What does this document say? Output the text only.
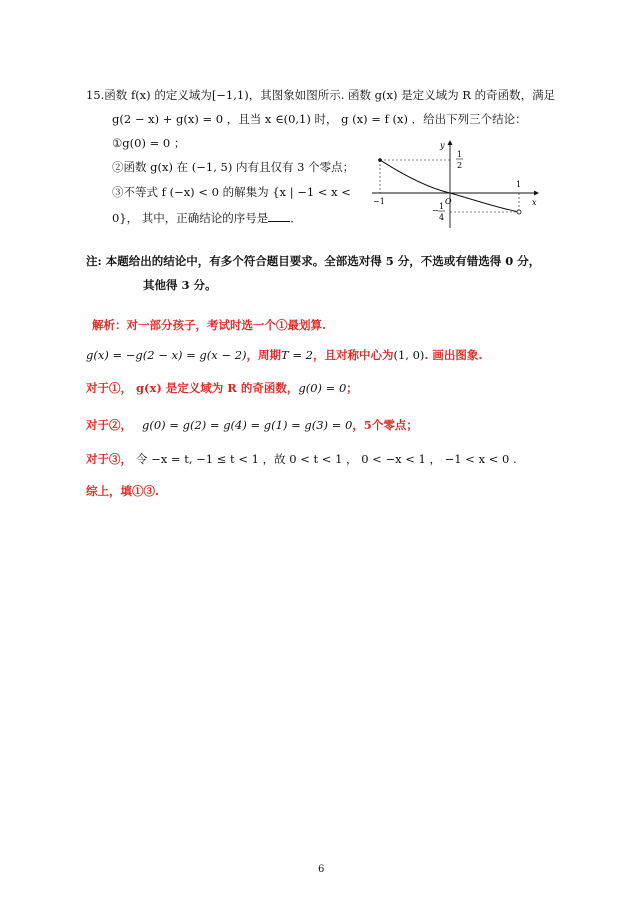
15.函数 f(x) 的定义域为[−1,1)，其图象如图所示. 函数 g(x) 是定义域为 R 的奇函数，满足
g(2 − x) + g(x) = 0 ，且当 x ∈(0,1) 时， g (x) = f (x) ．给出下列三个结论：
①g(0) = 0 ；
②函数 g(x) 在 (−1, 5) 内有且仅有 3 个零点；
③不等式 f (−x) < 0 的解集为 {x | −1 < x <
0}， 其中，正确结论的序号是 ．
y
x
O
−1
1
1
2
− 1
4
注: 本题给出的结论中，有多个符合题目要求。全部选对得 5 分，不选或有错选得 0 分，
其他得 3 分。
解析：对一部分孩子，考试时选一个①最划算.
g(x) = −g(2 − x) = g(x − 2)，周期T = 2，且对称中心为(1, 0). 画出图象.
对于①， g(x) 是定义域为 R 的奇函数，g(0) = 0；
对于②， g(0) = g(2) = g(4) = g(1) = g(3) = 0，5个零点；
对于③， 令 −x = t, −1 ≤ t < 1 ，故 0 < t < 1 ， 0 < −x < 1 ， −1 < x < 0 .
综上，填①③.
6
